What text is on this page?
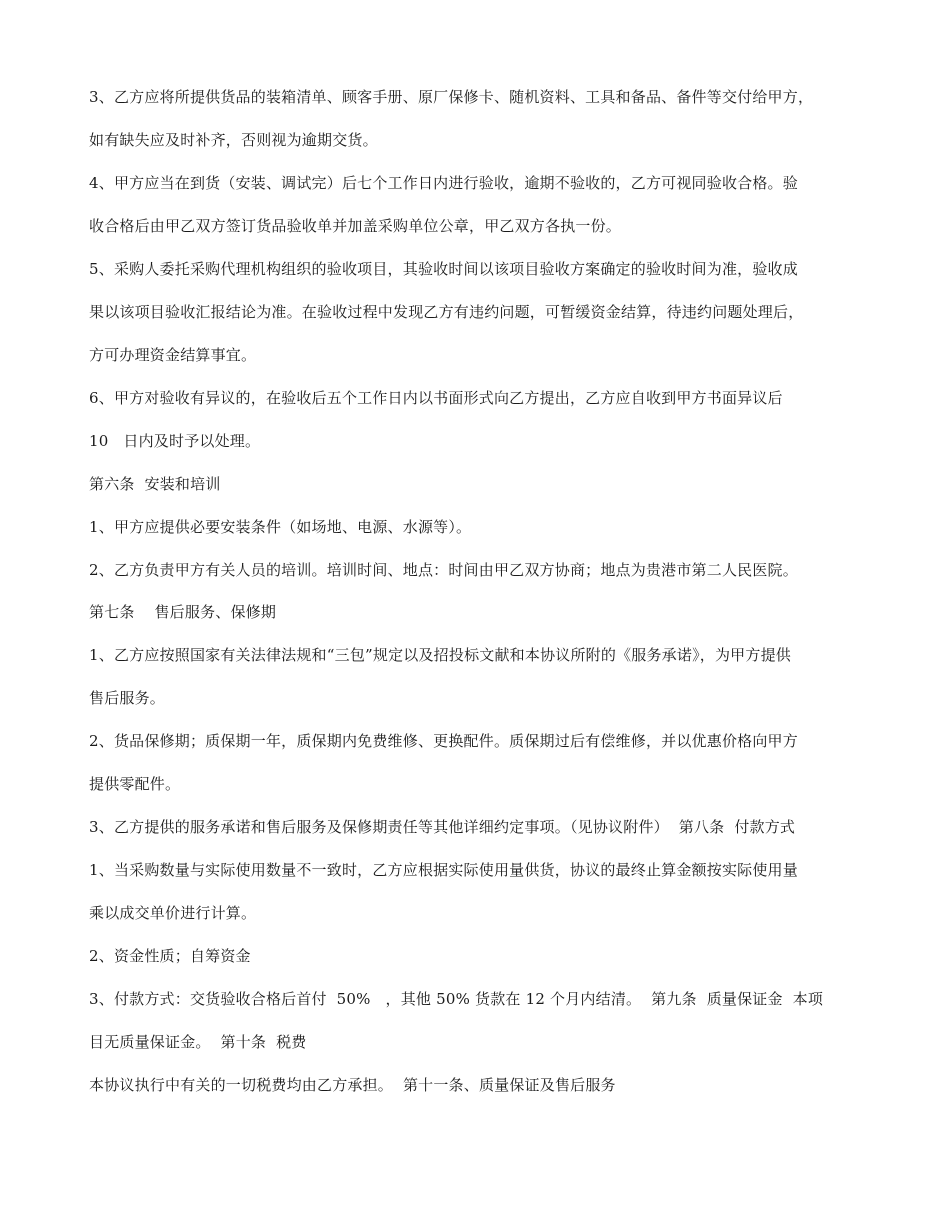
3、乙方应将所提供货品的装箱清单、顾客手册、原厂保修卡、随机资料、工具和备品、备件等交付给甲方，

如有缺失应及时补齐，否则视为逾期交货。

4、甲方应当在到货（安装、调试完）后七个工作日内进行验收，逾期不验收的，乙方可视同验收合格。验

收合格后由甲乙双方签订货品验收单并加盖采购单位公章，甲乙双方各执一份。

5、采购人委托采购代理机构组织的验收项目，其验收时间以该项目验收方案确定的验收时间为准，验收成

果以该项目验收汇报结论为准。在验收过程中发现乙方有违约问题，可暂缓资金结算，待违约问题处理后，

方可办理资金结算事宜。

6、甲方对验收有异议的，在验收后五个工作日内以书面形式向乙方提出，乙方应自收到甲方书面异议后

10   日内及时予以处理。

第六条  安装和培训

1、甲方应提供必要安装条件（如场地、电源、水源等）。

2、乙方负责甲方有关人员的培训。培训时间、地点：时间由甲乙双方协商；地点为贵港市第二人民医院。

第七条    售后服务、保修期

1、乙方应按照国家有关法律法规和“三包”规定以及招投标文献和本协议所附的《服务承诺》，为甲方提供

售后服务。

2、货品保修期；质保期一年，质保期内免费维修、更换配件。质保期过后有偿维修，并以优惠价格向甲方

提供零配件。

3、乙方提供的服务承诺和售后服务及保修期责任等其他详细约定事项。（见协议附件）  第八条  付款方式

1、当采购数量与实际使用数量不一致时，乙方应根据实际使用量供货，协议的最终止算金额按实际使用量

乘以成交单价进行计算。

2、资金性质；自筹资金

3、付款方式：交货验收合格后首付  50%   ，其他 50% 货款在 12 个月内结清。  第九条  质量保证金  本项

目无质量保证金。  第十条  税费

本协议执行中有关的一切税费均由乙方承担。  第十一条、质量保证及售后服务
